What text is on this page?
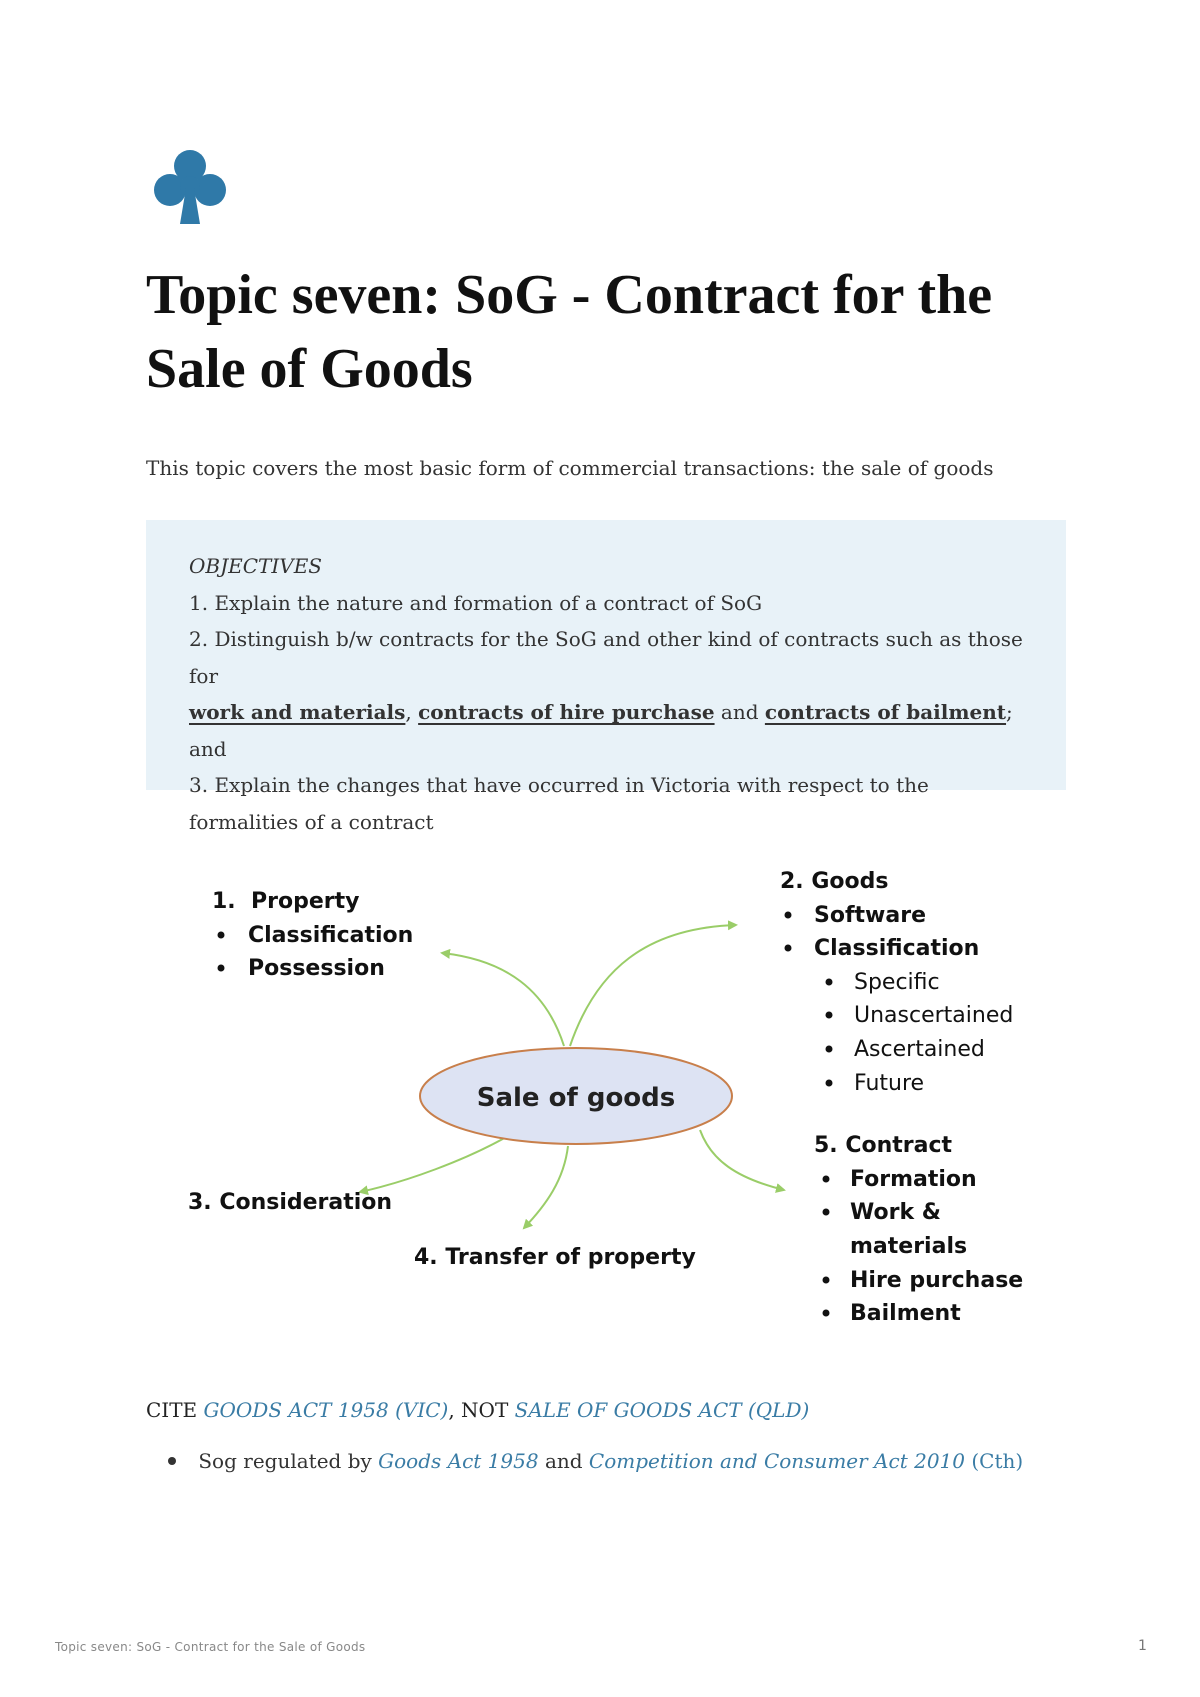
Topic seven: SoG - Contract for the Sale of Goods

This topic covers the most basic form of commercial transactions: the sale of goods

OBJECTIVES
1. Explain the nature and formation of a contract of SoG
2. Distinguish b/w contracts for the SoG and other kind of contracts such as those for
work and materials, contracts of hire purchase and contracts of bailment; and
3. Explain the changes that have occurred in Victoria with respect to the formalities of a contract
Sale of goods
1.  Property
Classification
Possession
2. Goods
Software
Classification
Specific
Unascertained
Ascertained
Future
3. Consideration
4. Transfer of property
5. Contract
Formation
Work &
materials
Hire purchase
Bailment

CITE GOODS ACT 1958 (VIC), NOT SALE OF GOODS ACT (QLD)

Sog regulated by Goods Act 1958 and Competition and Consumer Act 2010 (Cth)

Topic seven: SoG - Contract for the Sale of Goods	1
